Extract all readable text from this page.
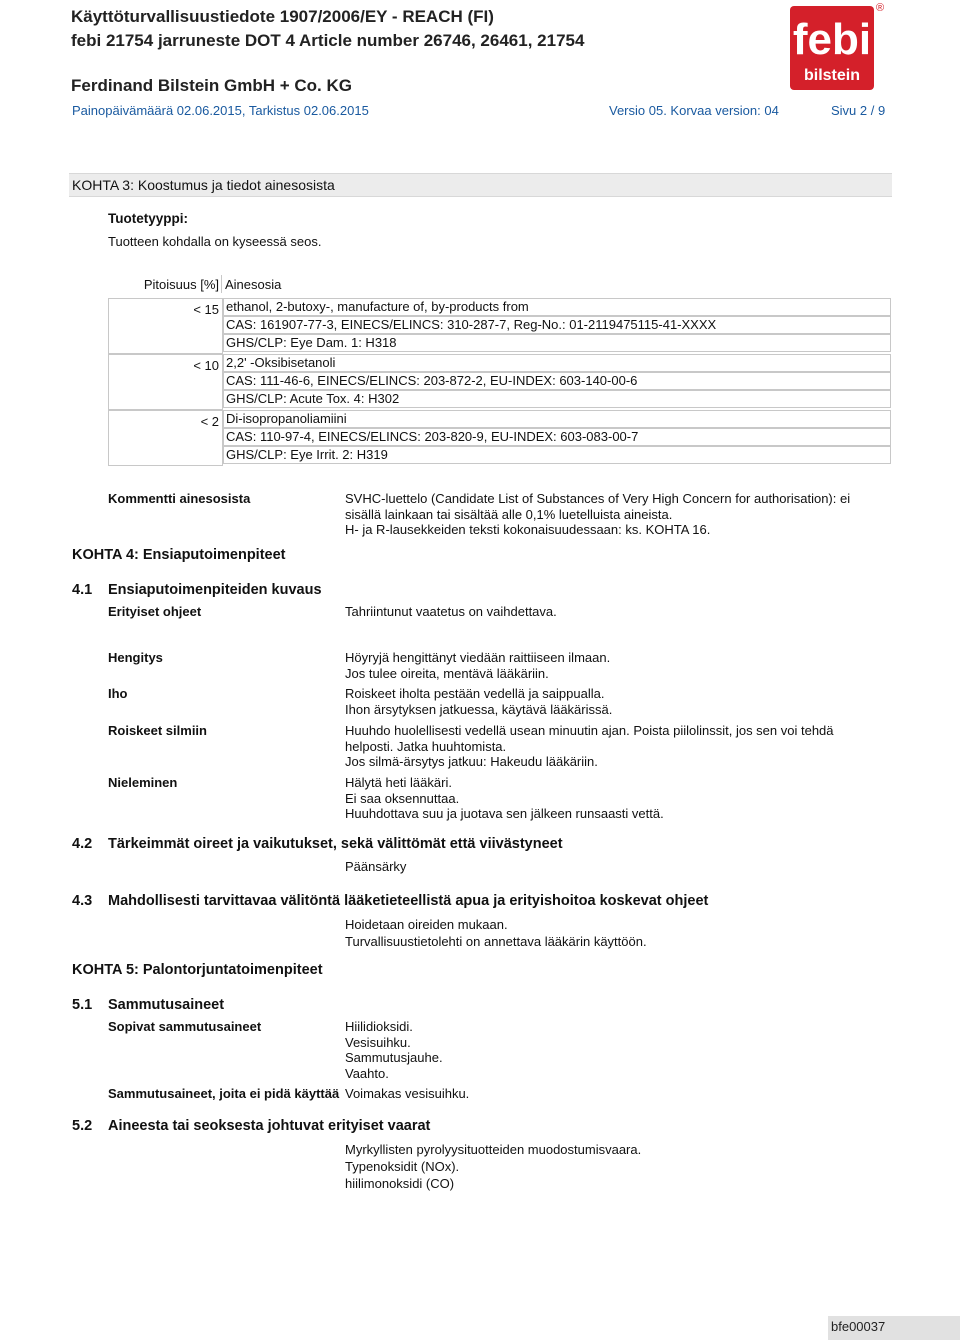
Käyttöturvallisuustiedote 1907/2006/EY - REACH (FI)
febi 21754 jarruneste DOT 4 Article number 26746, 26461, 21754
Ferdinand Bilstein GmbH + Co. KG
Painopäivämäärä 02.06.2015, Tarkistus 02.06.2015	Versio 05. Korvaa version: 04	Sivu 2 / 9
febi
bilstein
®
KOHTA 3: Koostumus ja tiedot ainesosista
Tuotetyyppi:
Tuotteen kohdalla on kyseessä seos.
Pitoisuus [%] Ainesosia
< 15 ethanol, 2-butoxy-, manufacture of, by-products from
CAS: 161907-77-3, EINECS/ELINCS: 310-287-7, Reg-No.: 01-2119475115-41-XXXX
GHS/CLP: Eye Dam. 1: H318
< 10 2,2' -Oksibisetanoli
CAS: 111-46-6, EINECS/ELINCS: 203-872-2, EU-INDEX: 603-140-00-6
GHS/CLP: Acute Tox. 4: H302
< 2 Di-isopropanoliamiini
CAS: 110-97-4, EINECS/ELINCS: 203-820-9, EU-INDEX: 603-083-00-7
GHS/CLP: Eye Irrit. 2: H319
Kommentti ainesosista	SVHC-luettelo (Candidate List of Substances of Very High Concern for authorisation): ei
sisällä lainkaan tai sisältää alle 0,1% luetelluista aineista.
H- ja R-lausekkeiden teksti kokonaisuudessaan: ks. KOHTA 16.
KOHTA 4: Ensiaputoimenpiteet
4.1 Ensiaputoimenpiteiden kuvaus
Erityiset ohjeet	Tahriintunut vaatetus on vaihdettava.
Hengitys	Höyryjä hengittänyt viedään raittiiseen ilmaan.
Jos tulee oireita, mentävä lääkäriin.
Iho	Roiskeet iholta pestään vedellä ja saippualla.
Ihon ärsytyksen jatkuessa, käytävä lääkärissä.
Roiskeet silmiin	Huuhdo huolellisesti vedellä usean minuutin ajan. Poista piilolinssit, jos sen voi tehdä
helposti. Jatka huuhtomista.
Jos silmä-ärsytys jatkuu: Hakeudu lääkäriin.
Nieleminen	Hälytä heti lääkäri.
Ei saa oksennuttaa.
Huuhdottava suu ja juotava sen jälkeen runsaasti vettä.
4.2 Tärkeimmät oireet ja vaikutukset, sekä välittömät että viivästyneet
Päänsärky
4.3 Mahdollisesti tarvittavaa välitöntä lääketieteellistä apua ja erityishoitoa koskevat ohjeet
Hoidetaan oireiden mukaan.
Turvallisuustietolehti on annettava lääkärin käyttöön.
KOHTA 5: Palontorjuntatoimenpiteet
5.1 Sammutusaineet
Sopivat sammutusaineet	Hiilidioksidi.
Vesisuihku.
Sammutusjauhe.
Vaahto.
Sammutusaineet, joita ei pidä käyttää Voimakas vesisuihku.
5.2 Aineesta tai seoksesta johtuvat erityiset vaarat
Myrkyllisten pyrolyysituotteiden muodostumisvaara.
Typenoksidit (NOx).
hiilimonoksidi (CO)
bfe00037
